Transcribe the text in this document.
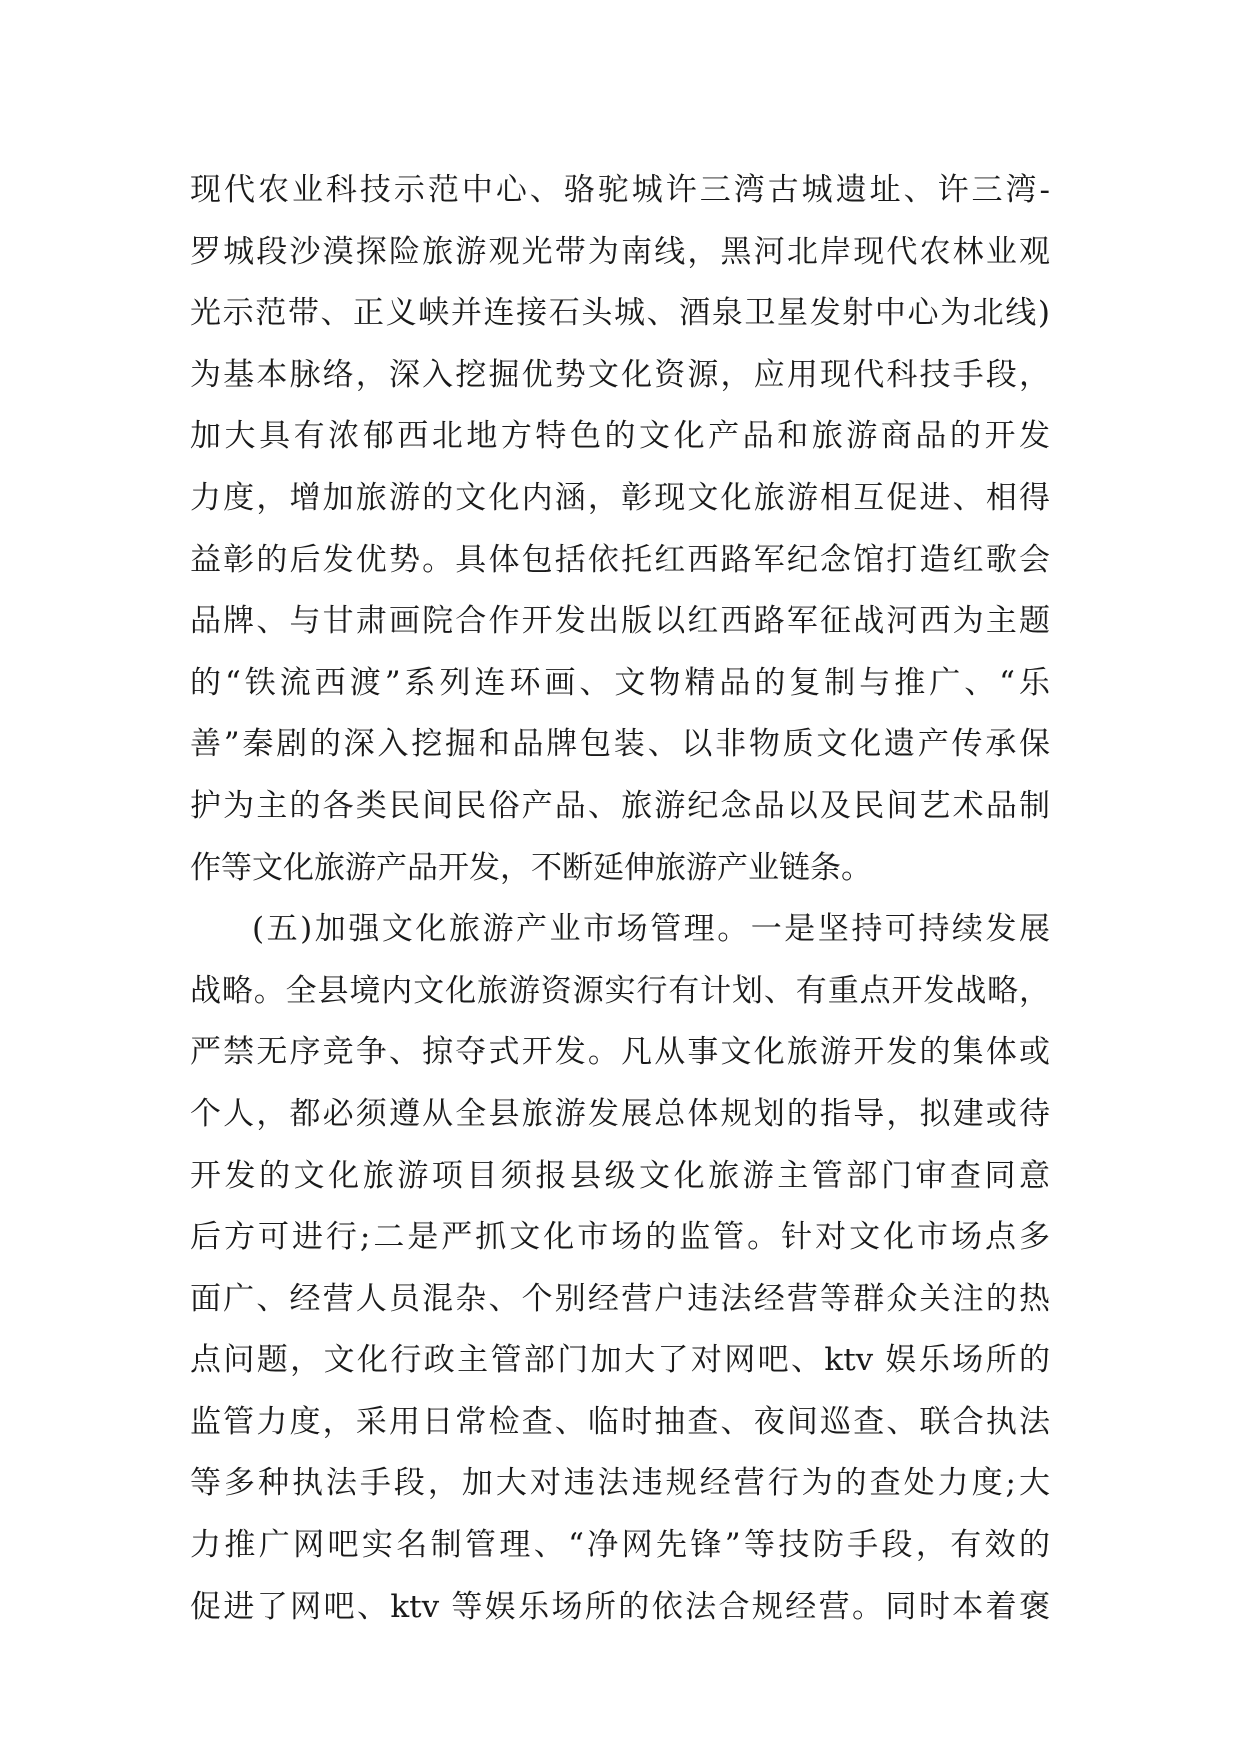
现代农业科技示范中心、骆驼城许三湾古城遗址、许三湾-
罗城段沙漠探险旅游观光带为南线，黑河北岸现代农林业观
光示范带、正义峡并连接石头城、酒泉卫星发射中心为北线)
为基本脉络，深入挖掘优势文化资源，应用现代科技手段，
加大具有浓郁西北地方特色的文化产品和旅游商品的开发
力度，增加旅游的文化内涵，彰现文化旅游相互促进、相得
益彰的后发优势。具体包括依托红西路军纪念馆打造红歌会
品牌、与甘肃画院合作开发出版以红西路军征战河西为主题
的“铁流西渡”系列连环画、文物精品的复制与推广、“乐
善”秦剧的深入挖掘和品牌包装、以非物质文化遗产传承保
护为主的各类民间民俗产品、旅游纪念品以及民间艺术品制
作等文化旅游产品开发，不断延伸旅游产业链条。
(五)加强文化旅游产业市场管理。一是坚持可持续发展
战略。全县境内文化旅游资源实行有计划、有重点开发战略，
严禁无序竞争、掠夺式开发。凡从事文化旅游开发的集体或
个人，都必须遵从全县旅游发展总体规划的指导，拟建或待
开发的文化旅游项目须报县级文化旅游主管部门审查同意
后方可进行;二是严抓文化市场的监管。针对文化市场点多
面广、经营人员混杂、个别经营户违法经营等群众关注的热
点问题，文化行政主管部门加大了对网吧、ktv 娱乐场所的
监管力度，采用日常检查、临时抽查、夜间巡查、联合执法
等多种执法手段，加大对违法违规经营行为的查处力度;大
力推广网吧实名制管理、“净网先锋”等技防手段，有效的
促进了网吧、ktv 等娱乐场所的依法合规经营。同时本着褒
